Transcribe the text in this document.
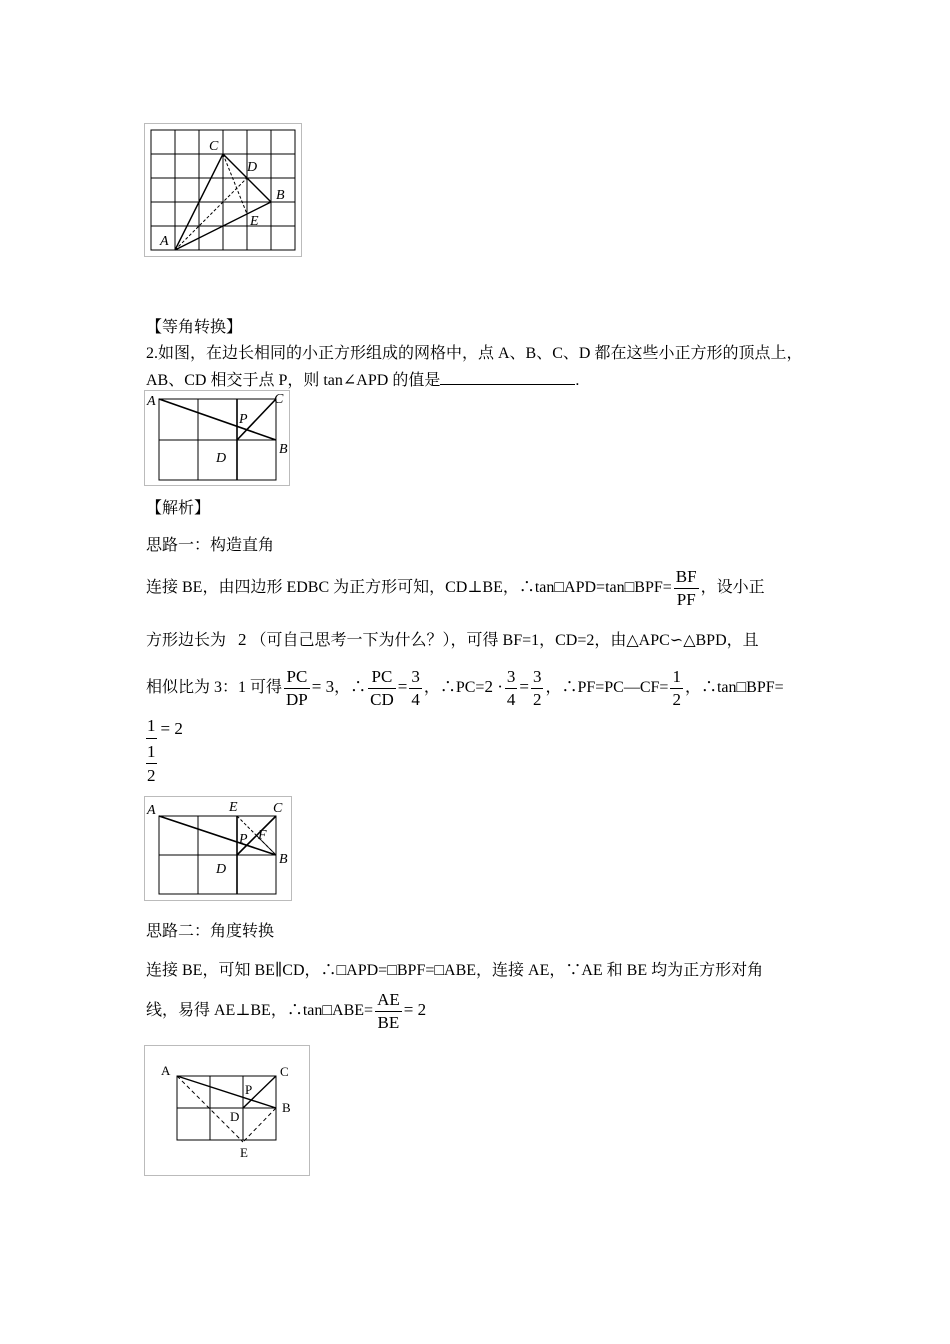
C
D
B
E
A
【等角转换】
2.如图，在边长相同的小正方形组成的网格中，点 A、B、C、D 都在这些小正方形的顶点上，
AB、CD 相交于点 P，则 tan∠APD 的值是	.
A	C
P
B
D
【解析】
思路一：构造直角
连接 BE，由四边形 EDBC 为正方形可知，CD⊥BE，∴tan□APD=tan□BPF= $\frac{BF}{PF}$ ，设小正
方形边长为 2 （可自己思考一下为什么？），可得 BF=1，CD=2，由△APC∽△BPD，且
相似比为 3：1 可得 $\frac{PC}{DP} = 3$，∴ $\frac{PC}{CD} = \frac{3}{4}$ ，∴PC=2 · $\frac{3}{4} = \frac{3}{2}$ ，∴PF=PC—CF= $\frac{1}{2}$ ，∴tan□BPF=
1
1
2
= 2
A	E	C
P F
B
D
思路二：角度转换
连接 BE，可知 BE∥CD，∴□APD=□BPF=□ABE，连接 AE，∵AE 和 BE 均为正方形对角
线，易得 AE⊥BE，∴tan□ABE= $\frac{AE}{BE} = 2$
A	C
P
B
D
E
